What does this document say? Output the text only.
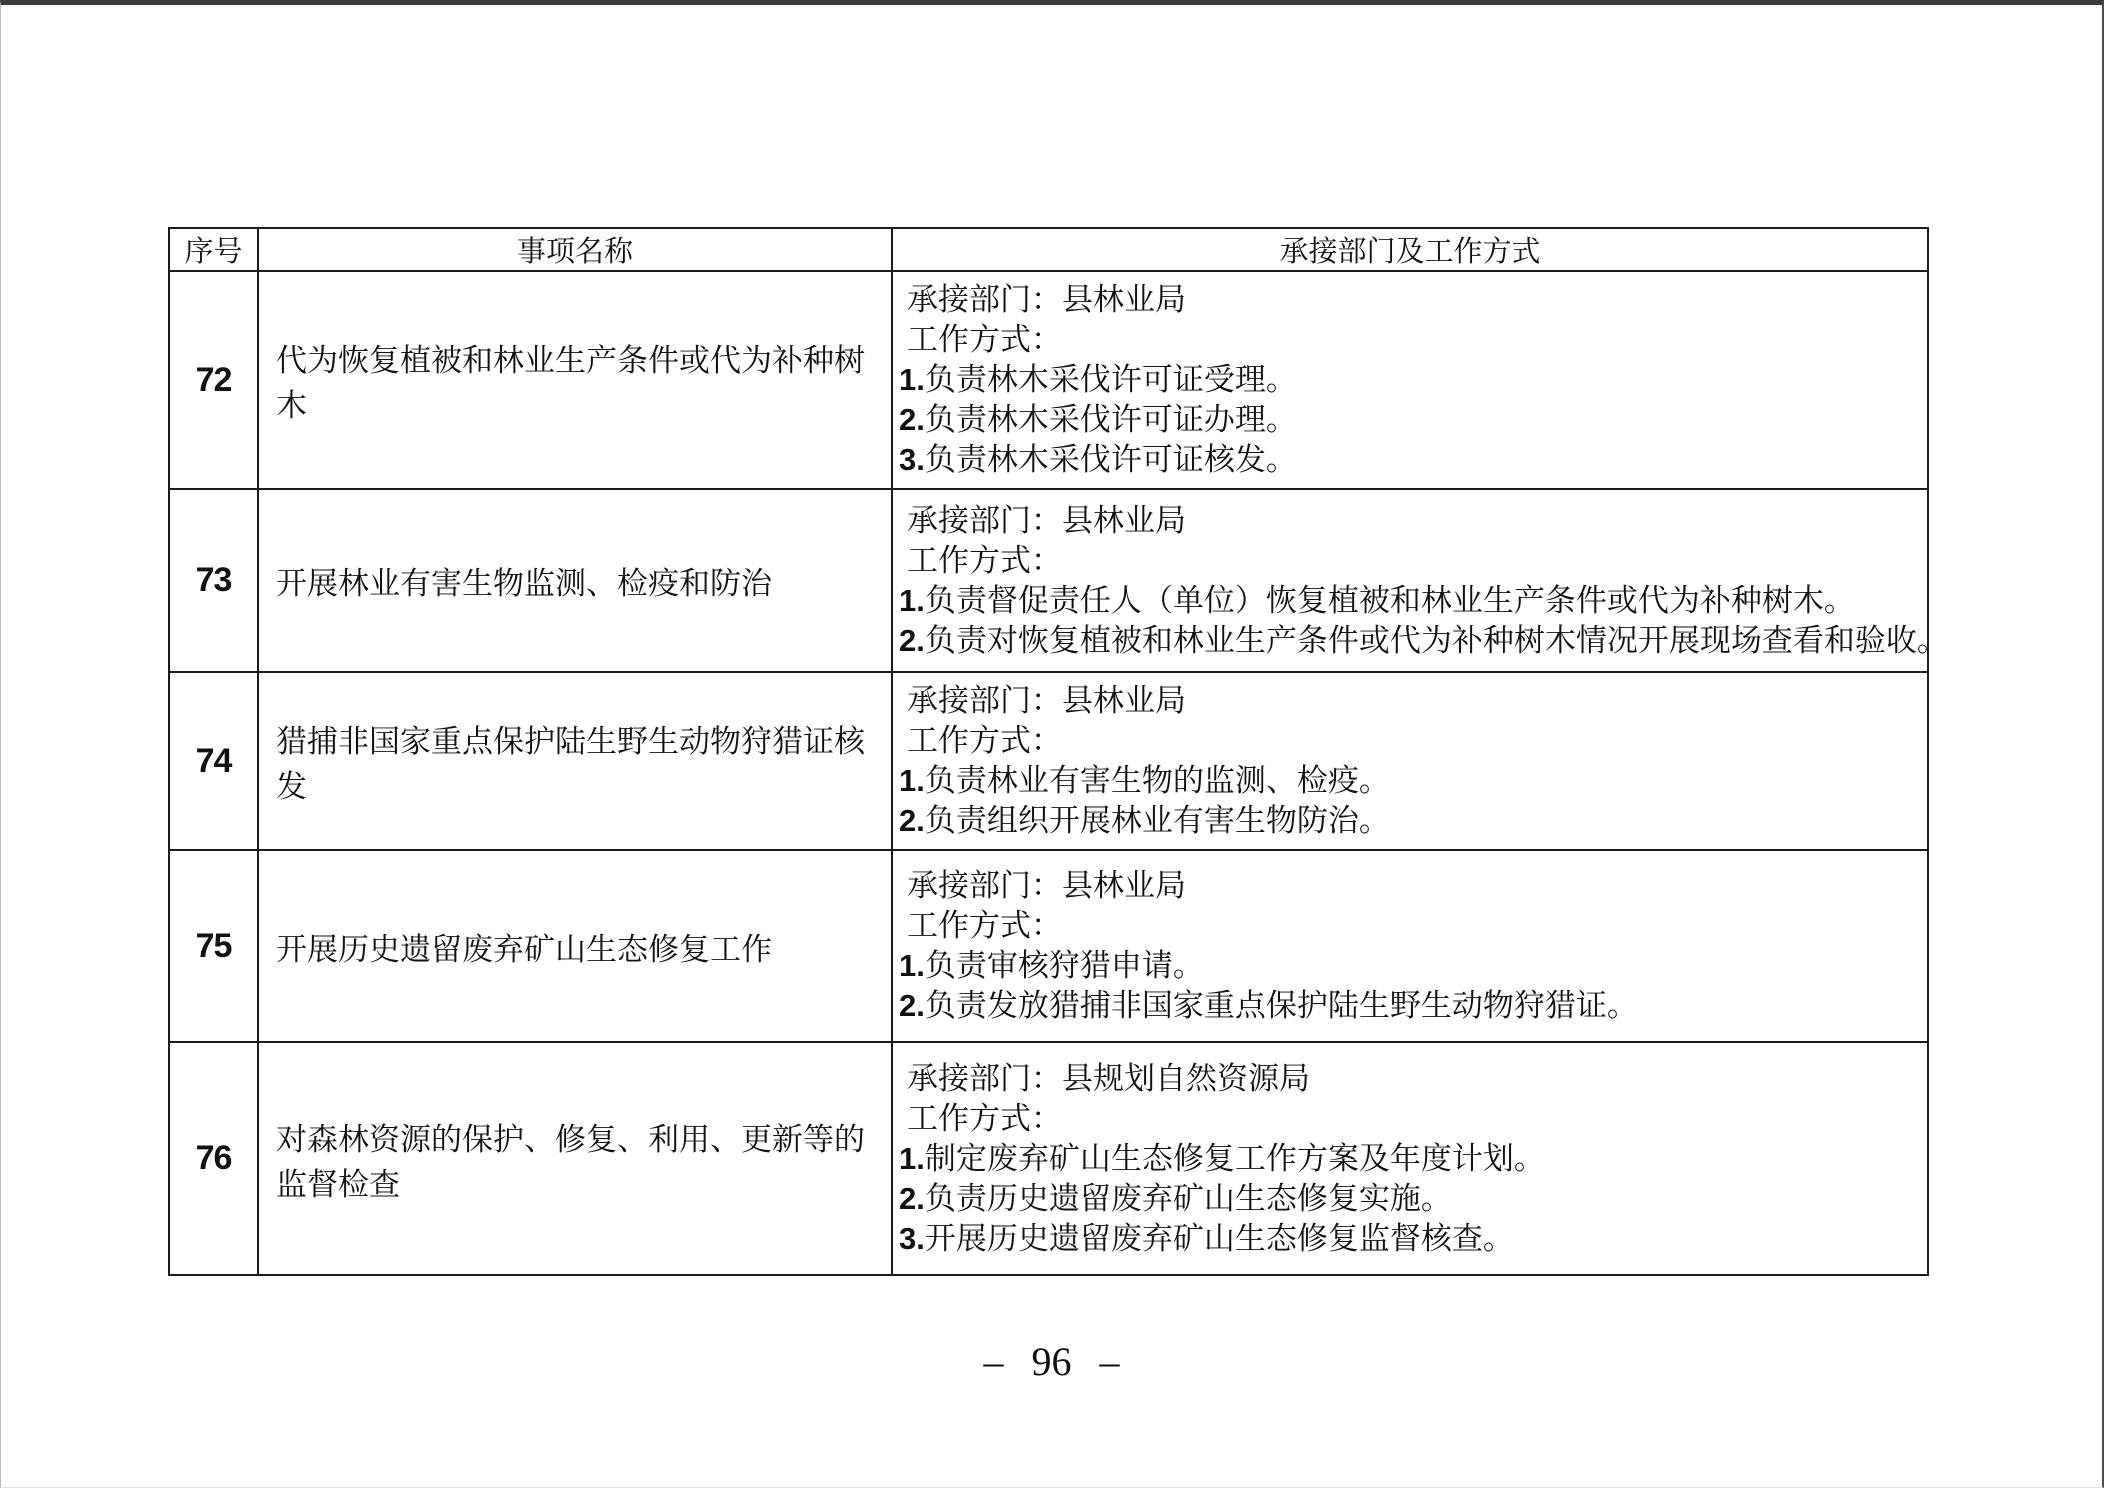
序号	事项名称	承接部门及工作方式
72	代为恢复植被和林业生产条件或代为补种树木	承接部门：县林业局
工作方式：
1.负责林木采伐许可证受理。
2.负责林木采伐许可证办理。
3.负责林木采伐许可证核发。

73	开展林业有害生物监测、检疫和防治	承接部门：县林业局
工作方式：
1.负责督促责任人（单位）恢复植被和林业生产条件或代为补种树木。
2.负责对恢复植被和林业生产条件或代为补种树木情况开展现场查看和验收。

74	猎捕非国家重点保护陆生野生动物狩猎证核发	承接部门：县林业局
工作方式：
1.负责林业有害生物的监测、检疫。
2.负责组织开展林业有害生物防治。

75	开展历史遗留废弃矿山生态修复工作	承接部门：县林业局
工作方式：
1.负责审核狩猎申请。
2.负责发放猎捕非国家重点保护陆生野生动物狩猎证。

76	对森林资源的保护、修复、利用、更新等的监督检查	承接部门：县规划自然资源局
工作方式：
1.制定废弃矿山生态修复工作方案及年度计划。
2.负责历史遗留废弃矿山生态修复实施。
3.开展历史遗留废弃矿山生态修复监督核查。
– 96 –
